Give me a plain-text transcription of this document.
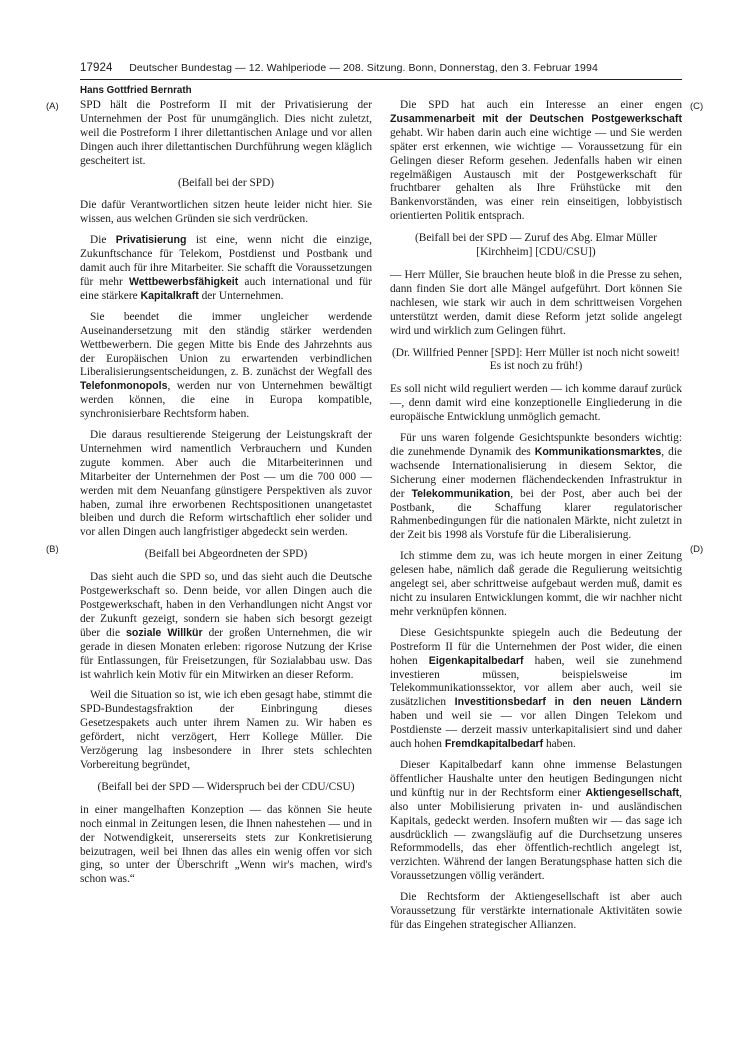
17924 Deutscher Bundestag — 12. Wahlperiode — 208. Sitzung. Bonn, Donnerstag, den 3. Februar 1994
Hans Gottfried Bernrath
(A)
(B)
(C)
(D)

SPD hält die Postreform II mit der Privatisierung der Unternehmen der Post für unumgänglich. Dies nicht zuletzt, weil die Postreform I ihrer dilettantischen Anlage und vor allen Dingen auch ihrer dilettantischen Durchführung wegen kläglich gescheitert ist.

(Beifall bei der SPD)

Die dafür Verantwortlichen sitzen heute leider nicht hier. Sie wissen, aus welchen Gründen sie sich verdrücken.

Die Privatisierung ist eine, wenn nicht die einzige, Zukunftschance für Telekom, Postdienst und Postbank und damit auch für ihre Mitarbeiter. Sie schafft die Voraussetzungen für mehr Wettbewerbsfähigkeit auch international und für eine stärkere Kapitalkraft der Unternehmen.

Sie beendet die immer ungleicher werdende Auseinandersetzung mit den ständig stärker werdenden Wettbewerbern. Die gegen Mitte bis Ende des Jahrzehnts aus der Europäischen Union zu erwartenden verbindlichen Liberalisierungsentscheidungen, z. B. zunächst der Wegfall des Telefonmonopols, werden nur von Unternehmen bewältigt werden können, die eine in Europa kompatible, synchronisierbare Rechtsform haben.

Die daraus resultierende Steigerung der Leistungskraft der Unternehmen wird namentlich Verbrauchern und Kunden zugute kommen. Aber auch die Mitarbeiterinnen und Mitarbeiter der Unternehmen der Post — um die 700 000 — werden mit dem Neuanfang günstigere Perspektiven als zuvor haben, zumal ihre erworbenen Rechtspositionen unangetastet bleiben und durch die Reform wirtschaftlich eher solider und vor allen Dingen auch langfristiger abgedeckt sein werden.

(Beifall bei Abgeordneten der SPD)

Das sieht auch die SPD so, und das sieht auch die Deutsche Postgewerkschaft so. Denn beide, vor allen Dingen auch die Postgewerkschaft, haben in den Verhandlungen nicht Angst vor der Zukunft gezeigt, sondern sie haben sich besorgt gezeigt über die soziale Willkür der großen Unternehmen, die wir gerade in diesen Monaten erleben: rigorose Nutzung der Krise für Entlassungen, für Freisetzungen, für Sozialabbau usw. Das ist wahrlich kein Motiv für ein Mitwirken an dieser Reform.

Weil die Situation so ist, wie ich eben gesagt habe, stimmt die SPD-Bundestagsfraktion der Einbringung dieses Gesetzespakets auch unter ihrem Namen zu. Wir haben es gefördert, nicht verzögert, Herr Kollege Müller. Die Verzögerung lag insbesondere in Ihrer stets schlechten Vorbereitung begründet,

(Beifall bei der SPD — Widerspruch bei der CDU/CSU)

in einer mangelhaften Konzeption — das können Sie heute noch einmal in Zeitungen lesen, die Ihnen nahestehen — und in der Notwendigkeit, unsererseits stets zur Konkretisierung beizutragen, weil bei Ihnen das alles ein wenig offen vor sich ging, so unter der Überschrift „Wenn wir's machen, wird's schon was.“

Die SPD hat auch ein Interesse an einer engen Zusammenarbeit mit der Deutschen Postgewerkschaft gehabt. Wir haben darin auch eine wichtige — und Sie werden später erst erkennen, wie wichtige — Voraussetzung für ein Gelingen dieser Reform gesehen. Jedenfalls haben wir einen regelmäßigen Austausch mit der Postgewerkschaft für fruchtbarer gehalten als Ihre Frühstücke mit den Bankenvorständen, was einer rein einseitigen, lobbyistisch orientierten Politik entsprach.

(Beifall bei der SPD — Zuruf des Abg. Elmar Müller [Kirchheim] [CDU/CSU])

— Herr Müller, Sie brauchen heute bloß in die Presse zu sehen, dann finden Sie dort alle Mängel aufgeführt. Dort können Sie nachlesen, wie stark wir auch in dem schrittweisen Vorgehen unterstützt werden, damit diese Reform jetzt solide angelegt wird und wirklich zum Gelingen führt.

(Dr. Willfried Penner [SPD]: Herr Müller ist noch nicht soweit! Es ist noch zu früh!)

Es soll nicht wild reguliert werden — ich komme darauf zurück —, denn damit wird eine konzeptionelle Eingliederung in die europäische Entwicklung unmöglich gemacht.

Für uns waren folgende Gesichtspunkte besonders wichtig: die zunehmende Dynamik des Kommunikationsmarktes, die wachsende Internationalisierung in diesem Sektor, die Sicherung einer modernen flächendeckenden Infrastruktur in der Telekommunikation, bei der Post, aber auch bei der Postbank, die Schaffung klarer regulatorischer Rahmenbedingungen für die nationalen Märkte, nicht zuletzt in der Zeit bis 1998 als Vorstufe für die Liberalisierung.

Ich stimme dem zu, was ich heute morgen in einer Zeitung gelesen habe, nämlich daß gerade die Regulierung weitsichtig angelegt sei, aber schrittweise aufgebaut werden muß, damit es nicht zu insularen Entwicklungen kommt, die wir nachher nicht mehr verknüpfen können.

Diese Gesichtspunkte spiegeln auch die Bedeutung der Postreform II für die Unternehmen der Post wider, die einen hohen Eigenkapitalbedarf haben, weil sie zunehmend investieren müssen, beispielsweise im Telekommunikationssektor, vor allem aber auch, weil sie zusätzlichen Investitionsbedarf in den neuen Ländern haben und weil sie — vor allen Dingen Telekom und Postdienste — derzeit massiv unterkapitalisiert sind und daher auch hohen Fremdkapitalbedarf haben.

Dieser Kapitalbedarf kann ohne immense Belastungen öffentlicher Haushalte unter den heutigen Bedingungen nicht und künftig nur in der Rechtsform einer Aktiengesellschaft, also unter Mobilisierung privaten in- und ausländischen Kapitals, gedeckt werden. Insofern mußten wir — das sage ich ausdrücklich — zwangsläufig auf die Durchsetzung unseres Reformmodells, das eher öffentlich-rechtlich angelegt ist, verzichten. Während der langen Beratungsphase hatten sich die Voraussetzungen völlig verändert.

Die Rechtsform der Aktiengesellschaft ist aber auch Voraussetzung für verstärkte internationale Aktivitäten sowie für das Eingehen strategischer Allianzen.
